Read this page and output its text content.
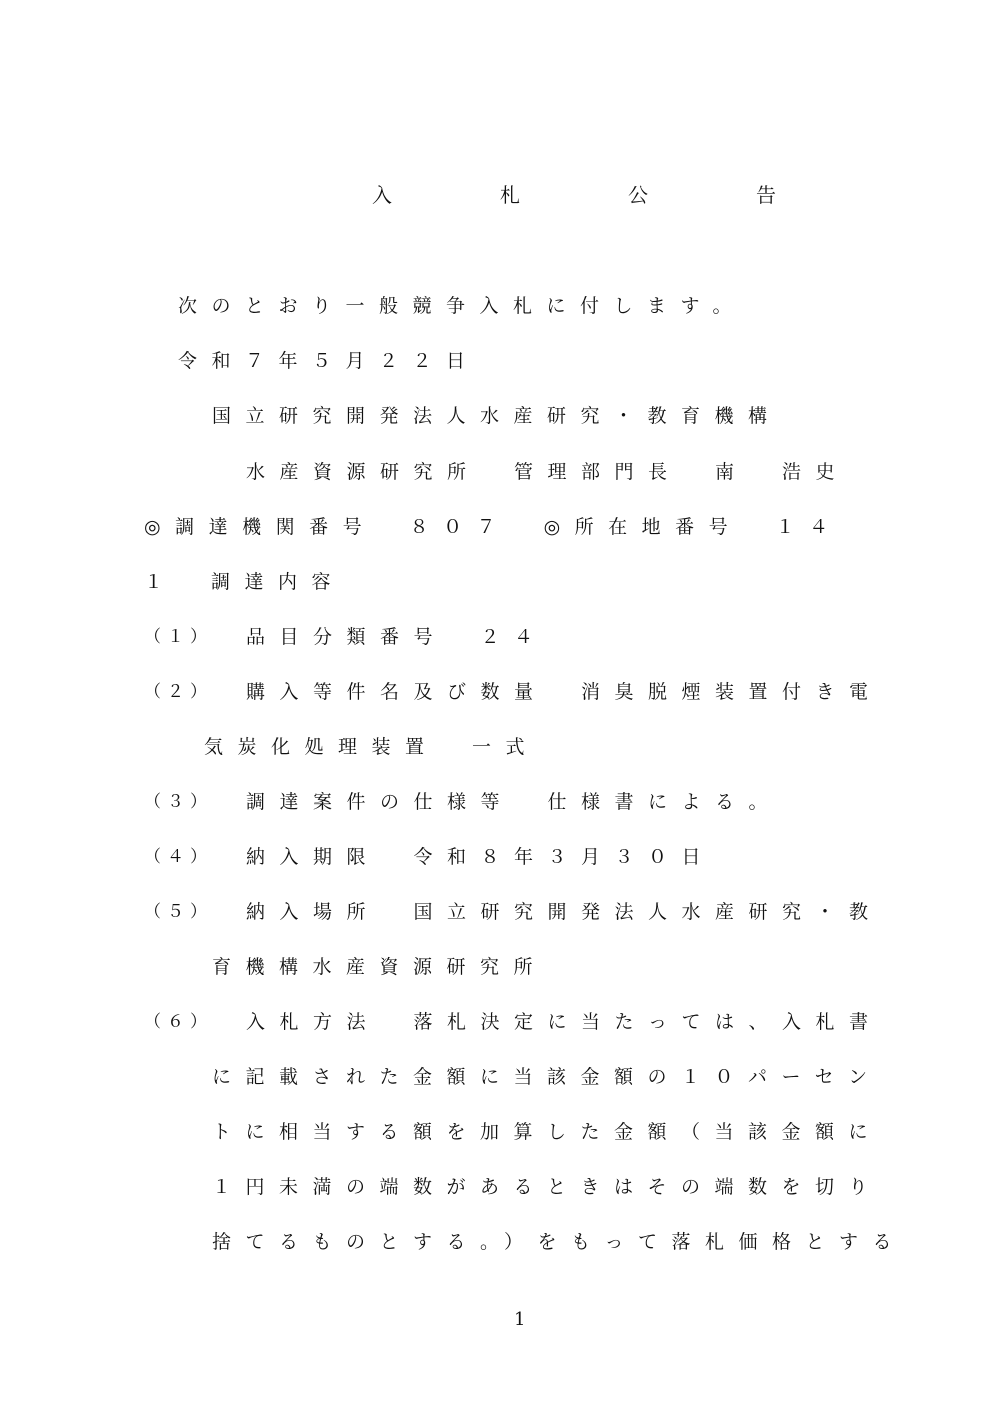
入　札　公　告
次のとおり一般競争入札に付します。
令和７年５月２２日
国立研究開発法人水産研究・教育機構
水産資源研究所　管理部門長　南　浩史
◎調達機関番号　８０７　◎所在地番号　１４
１　調達内容
（１） 品目分類番号　２４
（２） 購入等件名及び数量　消臭脱煙装置付き電
気炭化処理装置　一式
（３） 調達案件の仕様等　仕様書による。
（４） 納入期限　令和８年３月３０日
（５） 納入場所　国立研究開発法人水産研究・教
育機構水産資源研究所
（６） 入札方法　落札決定に当たっては、入札書
に記載された金額に当該金額の１０パーセン
トに相当する額を加算した金額（当該金額に
１円未満の端数があるときはその端数を切り
捨てるものとする。）をもって落札価格とする
1
